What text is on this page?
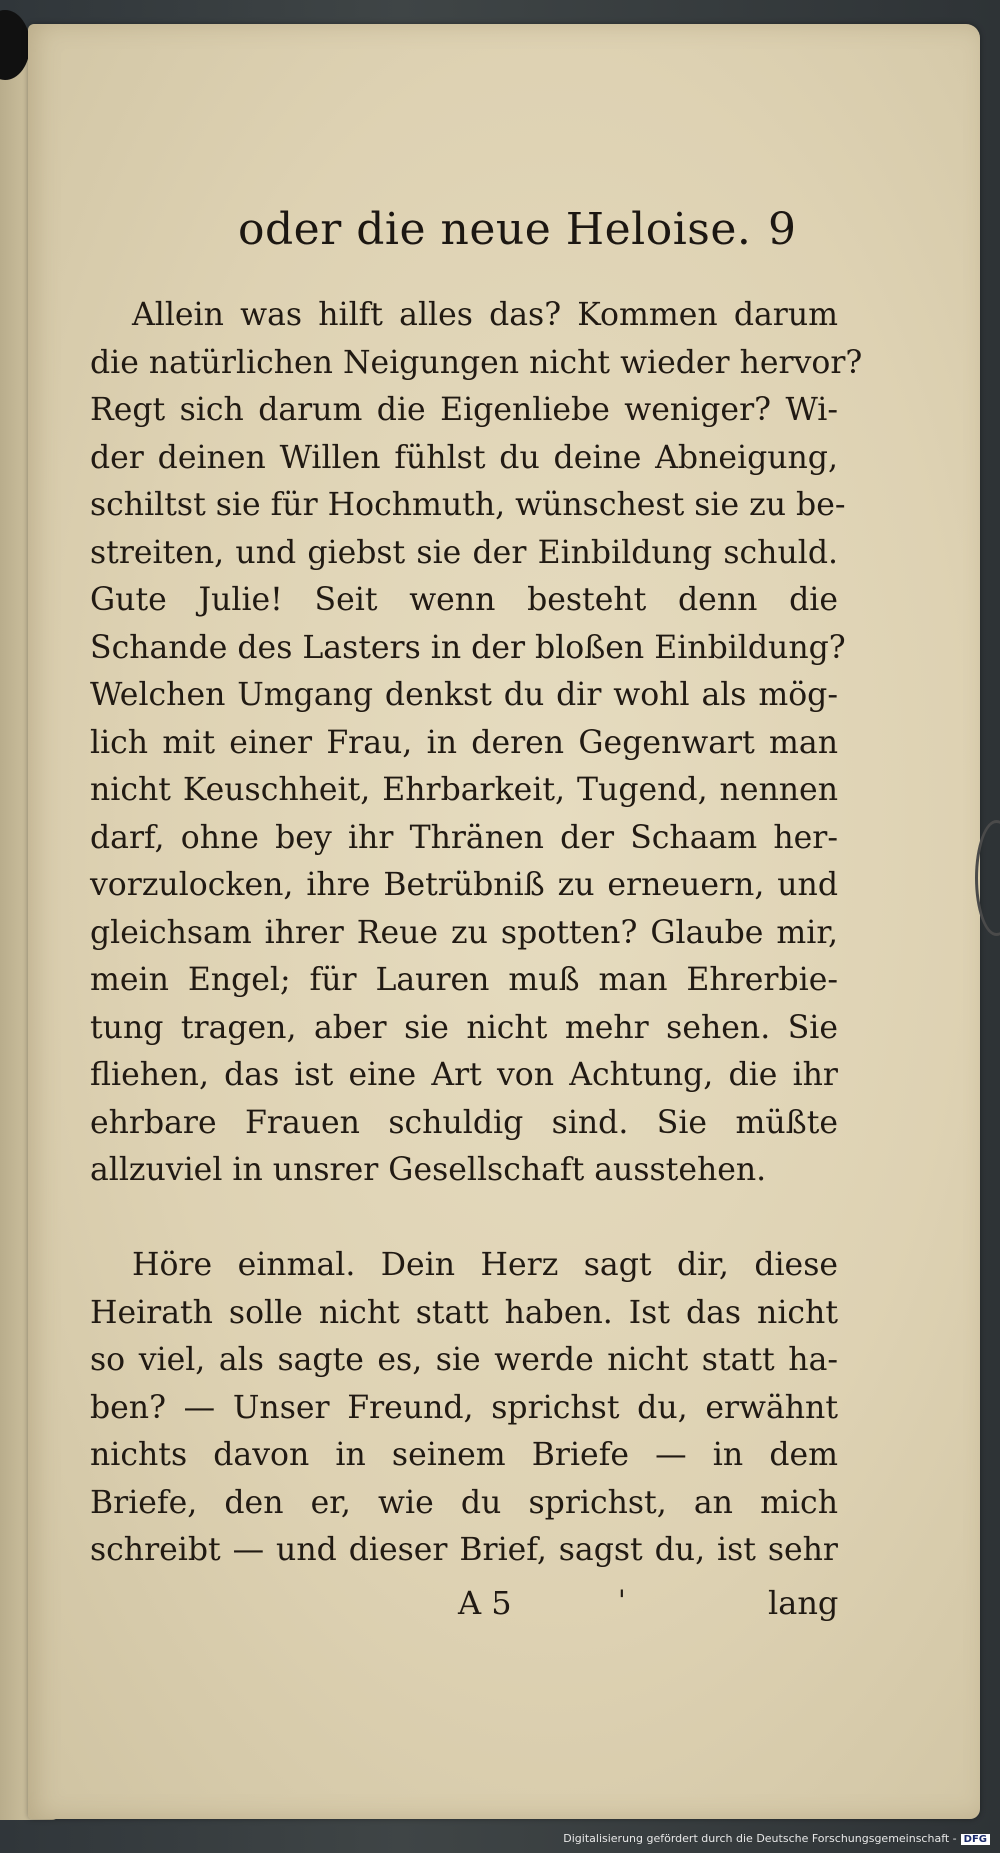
oder die neue Heloise. 9
Allein was hilft alles das? Kommen darum
die natürlichen Neigungen nicht wieder hervor?
Regt sich darum die Eigenliebe weniger? Wi-
der deinen Willen fühlst du deine Abneigung,
schiltst sie für Hochmuth, wünschest sie zu be-
streiten, und giebst sie der Einbildung schuld.
Gute Julie! Seit wenn besteht denn die
Schande des Lasters in der bloßen Einbildung?
Welchen Umgang denkst du dir wohl als mög-
lich mit einer Frau, in deren Gegenwart man
nicht Keuschheit, Ehrbarkeit, Tugend, nennen
darf, ohne bey ihr Thränen der Schaam her-
vorzulocken, ihre Betrübniß zu erneuern, und
gleichsam ihrer Reue zu spotten? Glaube mir,
mein Engel; für Lauren muß man Ehrerbie-
tung tragen, aber sie nicht mehr sehen. Sie
fliehen, das ist eine Art von Achtung, die ihr
ehrbare Frauen schuldig sind. Sie müßte
allzuviel in unsrer Gesellschaft ausstehen.
Höre einmal. Dein Herz sagt dir, diese
Heirath solle nicht statt haben. Ist das nicht
so viel, als sagte es, sie werde nicht statt ha-
ben? — Unser Freund, sprichst du, erwähnt
nichts davon in seinem Briefe — in dem
Briefe, den er, wie du sprichst, an mich
schreibt — und dieser Brief, sagst du, ist sehr
A 5	'	lang
Digitalisierung gefördert durch die Deutsche Forschungsgemeinschaft - DFG
